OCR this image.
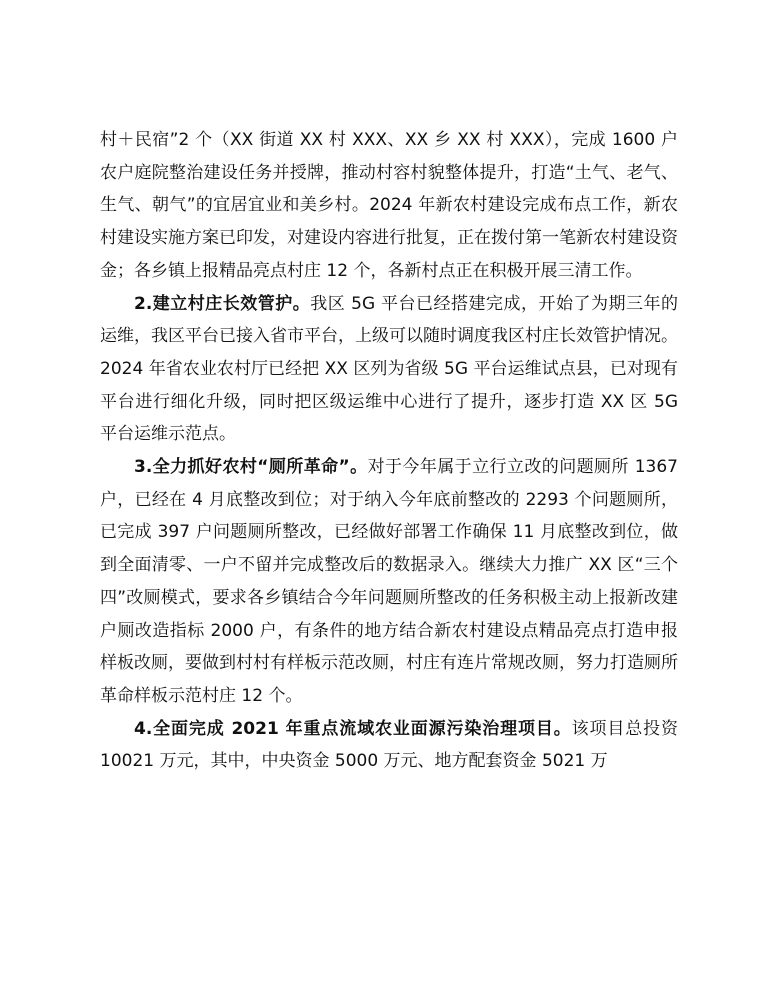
村＋民宿”2 个（XX 街道 XX 村 XXX、XX 乡 XX 村 XXX），完成 1600 户农户庭院整治建设任务并授牌，推动村容村貌整体提升，打造“土气、老气、生气、朝气”的宜居宜业和美乡村。2024 年新农村建设完成布点工作，新农村建设实施方案已印发，对建设内容进行批复，正在拨付第一笔新农村建设资金；各乡镇上报精品亮点村庄 12 个，各新村点正在积极开展三清工作。

2.建立村庄长效管护。我区 5G 平台已经搭建完成，开始了为期三年的运维，我区平台已接入省市平台，上级可以随时调度我区村庄长效管护情况。2024 年省农业农村厅已经把 XX 区列为省级 5G 平台运维试点县，已对现有平台进行细化升级，同时把区级运维中心进行了提升，逐步打造 XX 区 5G 平台运维示范点。

3.全力抓好农村“厕所革命”。对于今年属于立行立改的问题厕所 1367 户，已经在 4 月底整改到位；对于纳入今年底前整改的 2293 个问题厕所，已完成 397 户问题厕所整改，已经做好部署工作确保 11 月底整改到位，做到全面清零、一户不留并完成整改后的数据录入。继续大力推广 XX 区“三个四”改厕模式，要求各乡镇结合今年问题厕所整改的任务积极主动上报新改建户厕改造指标 2000 户，有条件的地方结合新农村建设点精品亮点打造申报样板改厕，要做到村村有样板示范改厕，村庄有连片常规改厕，努力打造厕所革命样板示范村庄 12 个。

4.全面完成 2021 年重点流域农业面源污染治理项目。该项目总投资 10021 万元，其中，中央资金 5000 万元、地方配套资金 5021 万
